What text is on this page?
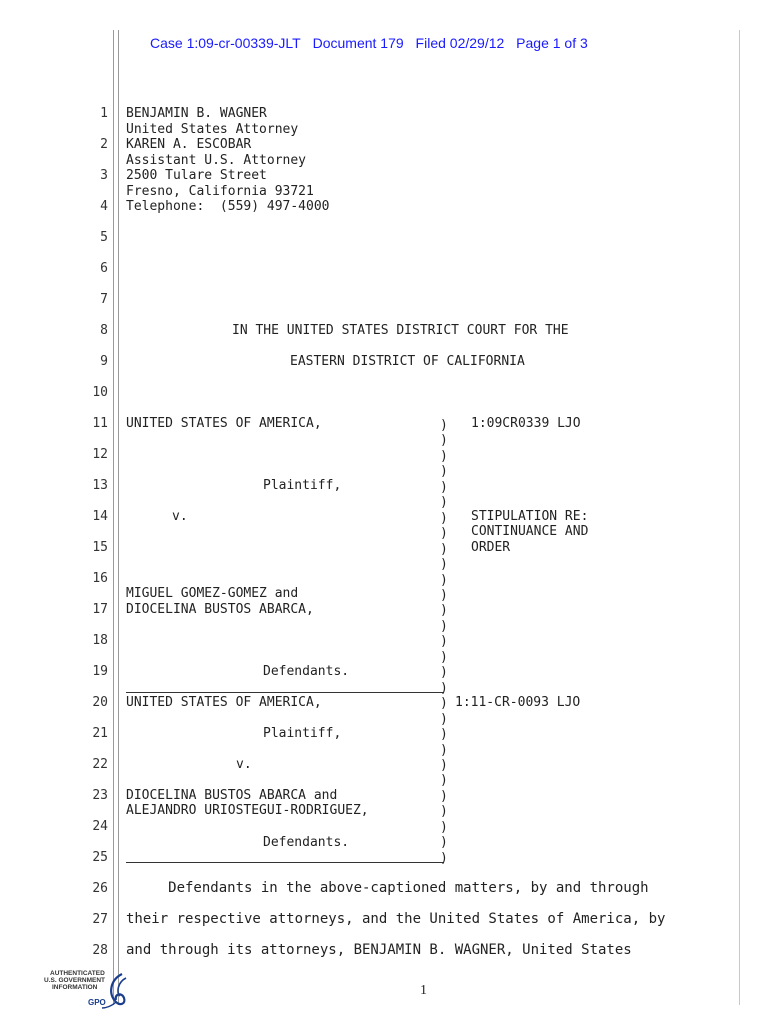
Case 1:09-cr-00339-JLT Document 179 Filed 02/29/12 Page 1 of 3
1
2
3
4
5
6
7
8
9
10
11
12
13
14
15
16
17
18
19
20
21
22
23
24
25
26
27
28
BENJAMIN B. WAGNER
United States Attorney
KAREN A. ESCOBAR
Assistant U.S. Attorney
2500 Tulare Street
Fresno, California 93721
Telephone:  (559) 497-4000
IN THE UNITED STATES DISTRICT COURT FOR THE
EASTERN DISTRICT OF CALIFORNIA
UNITED STATES OF AMERICA,
Plaintiff,
v.
MIGUEL GOMEZ-GOMEZ and
DIOCELINA BUSTOS ABARCA,
Defendants.
1:09CR0339 LJO
STIPULATION RE:
CONTINUANCE AND
ORDER
UNITED STATES OF AMERICA,
Plaintiff,
v.
DIOCELINA BUSTOS ABARCA and
ALEJANDRO URIOSTEGUI-RODRIGUEZ,
Defendants.
1:11-CR-0093 LJO
)
)
)
)
)
)
)
)
)
)
)
)
)
)
)
)
)
)
)
)
)
)
)
)
)
)
)
)
)
Defendants in the above-captioned matters, by and through
their respective attorneys, and the United States of America, by
and through its attorneys, BENJAMIN B. WAGNER, United States
1
AUTHENTICATED
U.S. GOVERNMENT
INFORMATION
GPO
